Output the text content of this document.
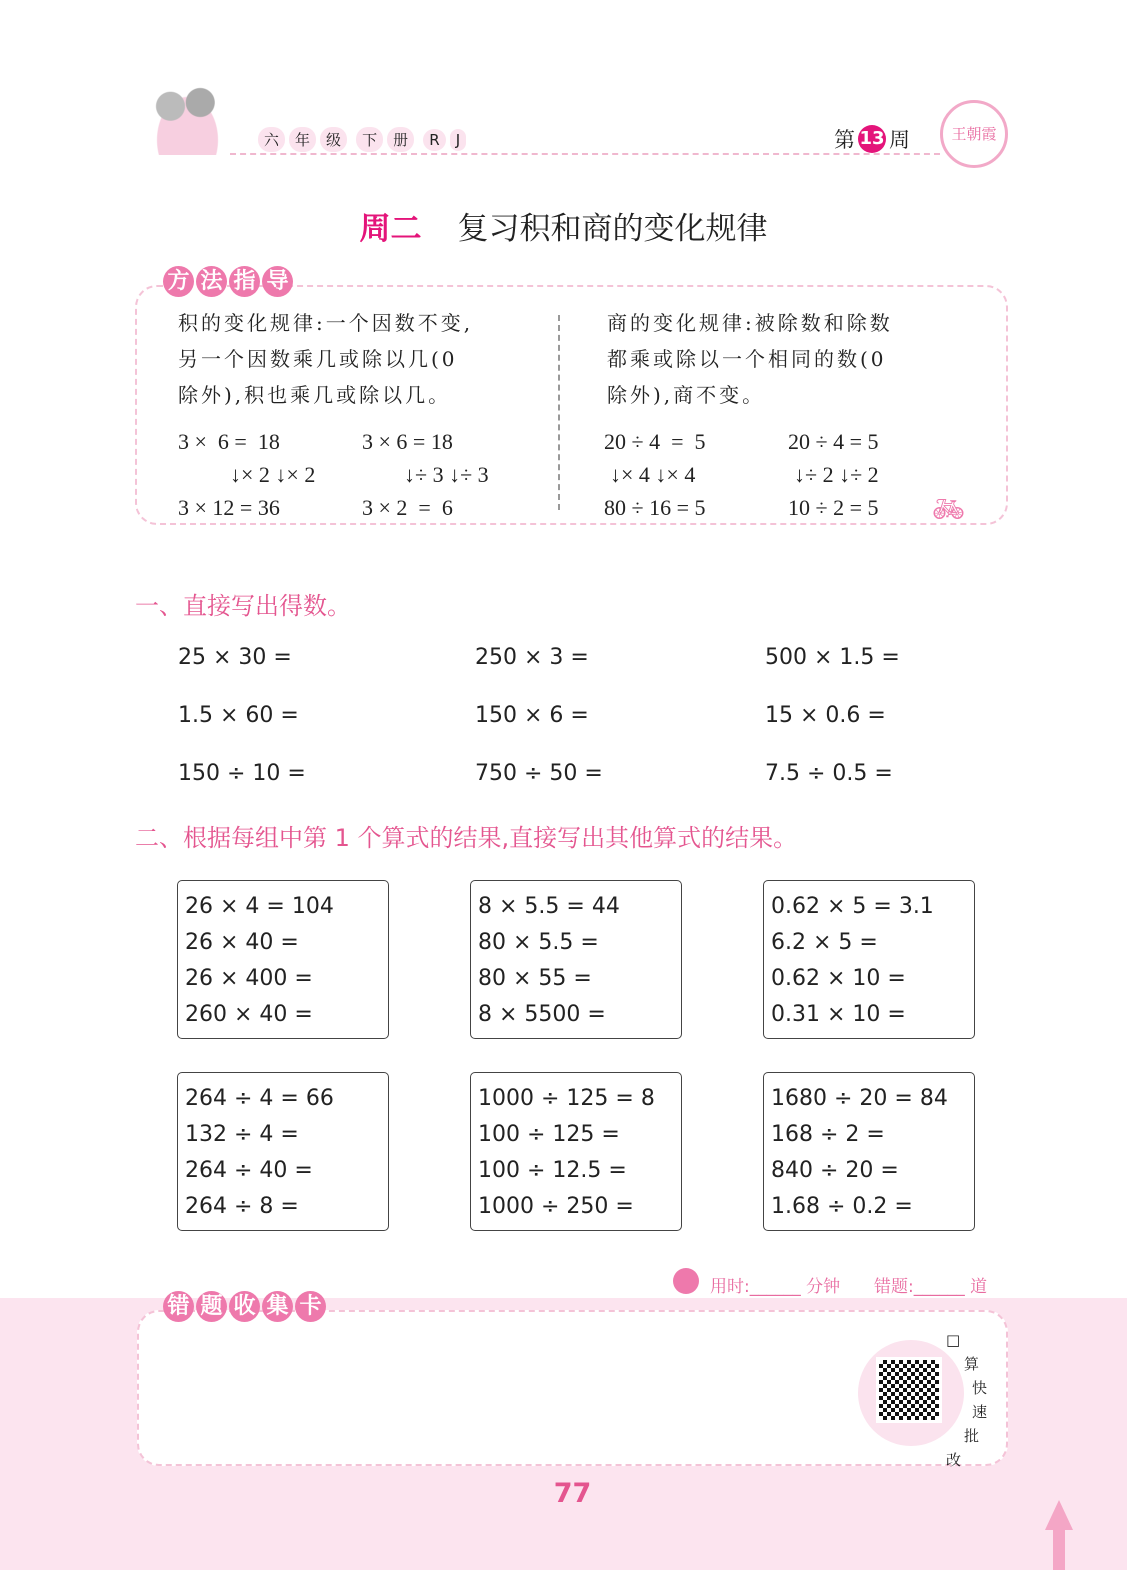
六 年 级 下 册 R J	第 13 周	王朝霞
周二 复习积和商的变化规律
方 法 指 导
积的变化规律:一个因数不变,
另一个因数乘几或除以几(0
除外),积也乘几或除以几。
商的变化规律:被除数和除数
都乘或除以一个相同的数(0
除外),商不变。
3 ×  6 =  18
↓× 2 ↓× 2
3 × 12 = 36
3 × 6 = 18
↓÷ 3 ↓÷ 3
3 × 2  =  6
20 ÷ 4  =  5
↓× 4 ↓× 4
80 ÷ 16 = 5
20 ÷ 4 = 5
↓÷ 2 ↓÷ 2
10 ÷ 2 = 5 🚲︎
一、直接写出得数。
25 × 30 =	250 × 3 =	500 × 1.5 =
1.5 × 60 =	150 × 6 =	15 × 0.6 =
150 ÷ 10 =	750 ÷ 50 =	7.5 ÷ 0.5 =
二、根据每组中第 1 个算式的结果,直接写出其他算式的结果。
26 × 4 = 104
26 × 40 =
26 × 400 =
260 × 40 =
8 × 5.5 = 44
80 × 5.5 =
80 × 55 =
8 × 5500 =
0.62 × 5 = 3.1
6.2 × 5 =
0.62 × 10 =
0.31 × 10 =
264 ÷ 4 = 66
132 ÷ 4 =
264 ÷ 40 =
264 ÷ 8 =
1000 ÷ 125 = 8
100 ÷ 125 =
100 ÷ 12.5 =
1000 ÷ 250 =
1680 ÷ 20 = 84
168 ÷ 2 =
840 ÷ 20 =
1.68 ÷ 0.2 =
用时:______ 分钟 错题:______ 道
错 题 收 集 卡
□
算
快
速
批
改
77
